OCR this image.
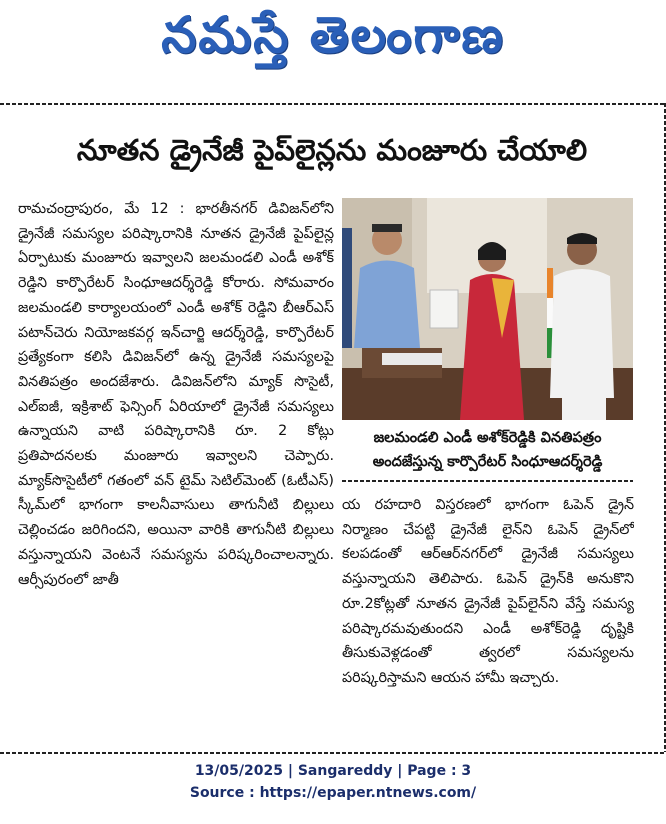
నమస్తే తెలంగాణ
నూతన డ్రైనేజీ పైప్‌లైన్లను మంజూరు చేయాలి
రామచంద్రాపురం, మే 12 : భారతీనగర్ డివిజన్‌లోని డ్రైనేజీ సమస్యల పరిష్కారానికి నూతన డ్రైనేజీ పైప్‌లైన్ల ఏర్పాటుకు మంజూరు ఇవ్వాలని జలమండలి ఎండీ అశోక్ రెడ్డిని కార్పొరేటర్ సింధూఆదర్శ్‌రెడ్డి కోరారు. సోమవారం జలమండలి కార్యాలయంలో ఎండీ అశోక్ రెడ్డిని బీఆర్ఎస్ పటాన్‌చెరు నియోజకవర్గ ఇన్‌చార్జి ఆదర్శ్‌రెడ్డి, కార్పొరేటర్ ప్రత్యేకంగా కలిసి డివిజన్‌లో ఉన్న డ్రైనేజీ సమస్యలపై వినతిపత్రం అందజేశారు. డివిజన్‌లోని మ్యాక్ సొసైటీ, ఎల్‌ఐజీ, ఇక్రిశాట్ ఫెన్సింగ్ ఏరియాలో డ్రైనేజీ సమస్యలు ఉన్నాయని వాటి పరిష్కారానికి రూ. 2 కోట్లు ప్రతిపాదనలకు మంజూరు ఇవ్వాలని చెప్పారు. మ్యాక్‌సొసైటీలో గతంలో వన్ టైమ్ సెటిల్‌మెంట్ (ఓటీఎస్) స్కీమ్‌లో భాగంగా కాలనీవాసులు తాగునీటి బిల్లులు చెల్లించడం జరిగిందని, అయినా వారికి తాగునీటి బిల్లులు వస్తున్నాయని వెంటనే సమస్యను పరిష్కరించాలన్నారు. ఆర్సీపురంలో జాతీ
జలమండలి ఎండీ అశోక్‌రెడ్డికి వినతిపత్రం
అందజేస్తున్న కార్పొరేటర్ సింధూఆదర్శ్‌రెడ్డి
య రహదారి విస్తరణలో భాగంగా ఓపెన్ డ్రైన్ నిర్మాణం చేపట్టి డ్రైనేజీ లైన్‌ని ఓపెన్ డ్రైన్‌లో కలపడంతో ఆర్‌ఆర్‌నగర్‌లో డ్రైనేజీ సమస్యలు వస్తున్నాయని తెలిపారు. ఓపెన్ డ్రైన్‌కి అనుకొని రూ.2కోట్లతో నూతన డ్రైనేజీ పైప్‌లైన్‌ని వేస్తే సమస్య పరిష్కారమవుతుందని ఎండీ అశోక్‌రెడ్డి దృష్టికి తీసుకువెళ్లడంతో త్వరలో సమస్యలను పరిష్కరిస్తామని ఆయన హామీ ఇచ్చారు.
13/05/2025 | Sangareddy | Page : 3
Source : https://epaper.ntnews.com/
